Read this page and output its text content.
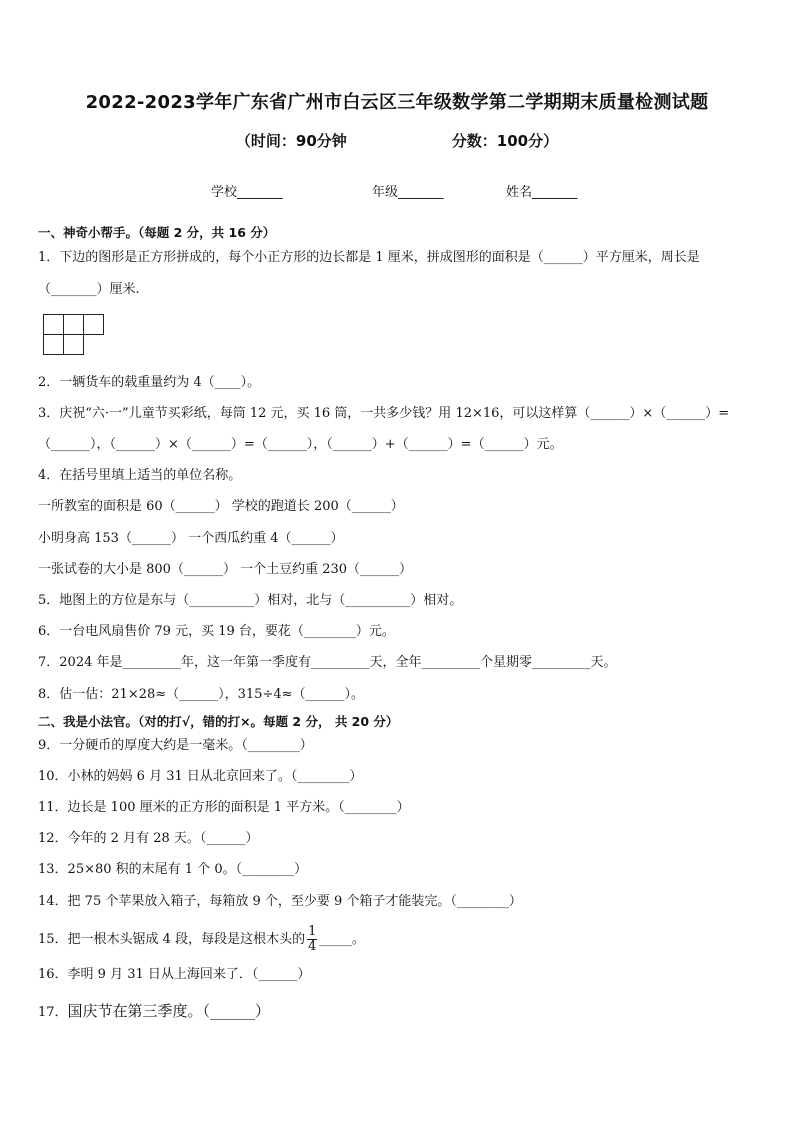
2022-2023学年广东省广州市白云区三年级数学第二学期期末质量检测试题
（时间：90分钟	分数：100分）
学校_______	年级_______	姓名_______
一、神奇小帮手。（每题 2 分，共 16 分）
1．下边的图形是正方形拼成的，每个小正方形的边长都是 1 厘米，拼成图形的面积是（______）平方厘米，周长是
（_______）厘米.
2．一辆货车的载重量约为 4（____）。
3．庆祝“六·一”儿童节买彩纸，每筒 12 元，买 16 筒，一共多少钱？用 12×16，可以这样算（______）×（______）=
（______），（______）×（______）=（______），（______）+（______）=（______）元。
4．在括号里填上适当的单位名称。
一所教室的面积是 60（______） 学校的跑道长 200（______）
小明身高 153（______） 一个西瓜约重 4（______）
一张试卷的大小是 800（______） 一个土豆约重 230（______）
5．地图上的方位是东与（__________）相对，北与（__________）相对。
6．一台电风扇售价 79 元，买 19 台，要花（________）元。
7．2024 年是_________年，这一年第一季度有_________天，全年_________个星期零_________天。
8．估一估：21×28≈（______），315÷4≈（______）。
二、我是小法官。（对的打√，错的打×。每题 2 分， 共 20 分）
9．一分硬币的厚度大约是一毫米。（________）
10．小林的妈妈 6 月 31 日从北京回来了。（________）
11．边长是 100 厘米的正方形的面积是 1 平方米。（________）
12．今年的 2 月有 28 天。（______）
13．25×80 积的末尾有 1 个 0。（________）
14．把 75 个苹果放入箱子，每箱放 9 个，至少要 9 个箱子才能装完。（________）
15．把一根木头锯成 4 段，每段是这根木头的 $\frac{1}{4}$ _____。
16．李明 9 月 31 日从上海回来了．（______）
17．国庆节在第三季度。（______）
